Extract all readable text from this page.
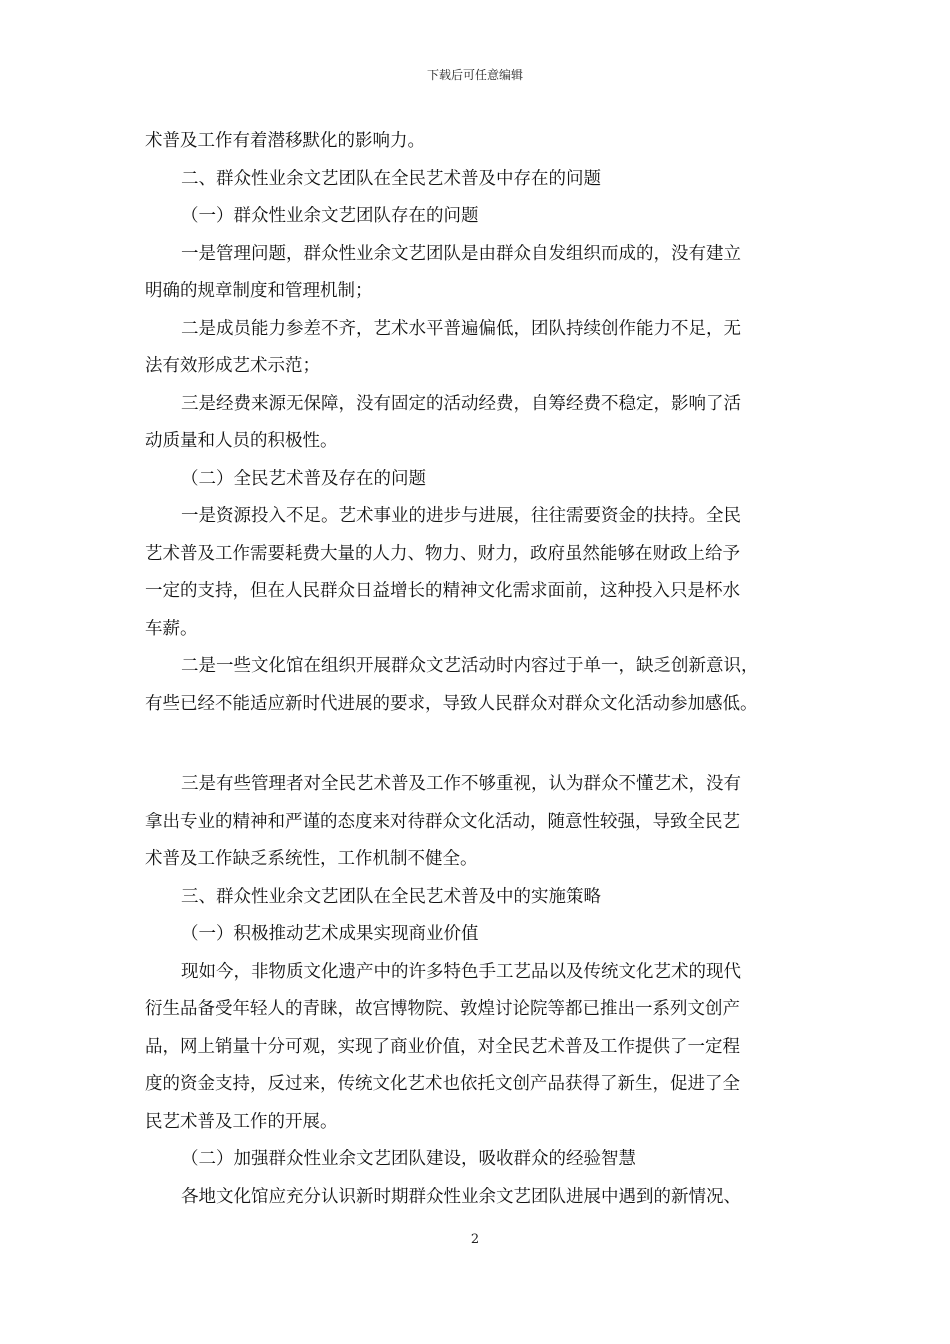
下载后可任意编辑
术普及工作有着潜移默化的影响力。
二、群众性业余文艺团队在全民艺术普及中存在的问题
（一）群众性业余文艺团队存在的问题
一是管理问题，群众性业余文艺团队是由群众自发组织而成的，没有建立
明确的规章制度和管理机制；
二是成员能力参差不齐，艺术水平普遍偏低，团队持续创作能力不足，无
法有效形成艺术示范；
三是经费来源无保障，没有固定的活动经费，自筹经费不稳定，影响了活
动质量和人员的积极性。
（二）全民艺术普及存在的问题
一是资源投入不足。艺术事业的进步与进展，往往需要资金的扶持。全民
艺术普及工作需要耗费大量的人力、物力、财力，政府虽然能够在财政上给予
一定的支持，但在人民群众日益增长的精神文化需求面前，这种投入只是杯水
车薪。
二是一些文化馆在组织开展群众文艺活动时内容过于单一，缺乏创新意识，
有些已经不能适应新时代进展的要求，导致人民群众对群众文化活动参加感低。
三是有些管理者对全民艺术普及工作不够重视，认为群众不懂艺术，没有
拿出专业的精神和严谨的态度来对待群众文化活动，随意性较强，导致全民艺
术普及工作缺乏系统性，工作机制不健全。
三、群众性业余文艺团队在全民艺术普及中的实施策略
（一）积极推动艺术成果实现商业价值
现如今，非物质文化遗产中的许多特色手工艺品以及传统文化艺术的现代
衍生品备受年轻人的青睐，故宫博物院、敦煌讨论院等都已推出一系列文创产
品，网上销量十分可观，实现了商业价值，对全民艺术普及工作提供了一定程
度的资金支持，反过来，传统文化艺术也依托文创产品获得了新生，促进了全
民艺术普及工作的开展。
（二）加强群众性业余文艺团队建设，吸收群众的经验智慧
各地文化馆应充分认识新时期群众性业余文艺团队进展中遇到的新情况、
2
